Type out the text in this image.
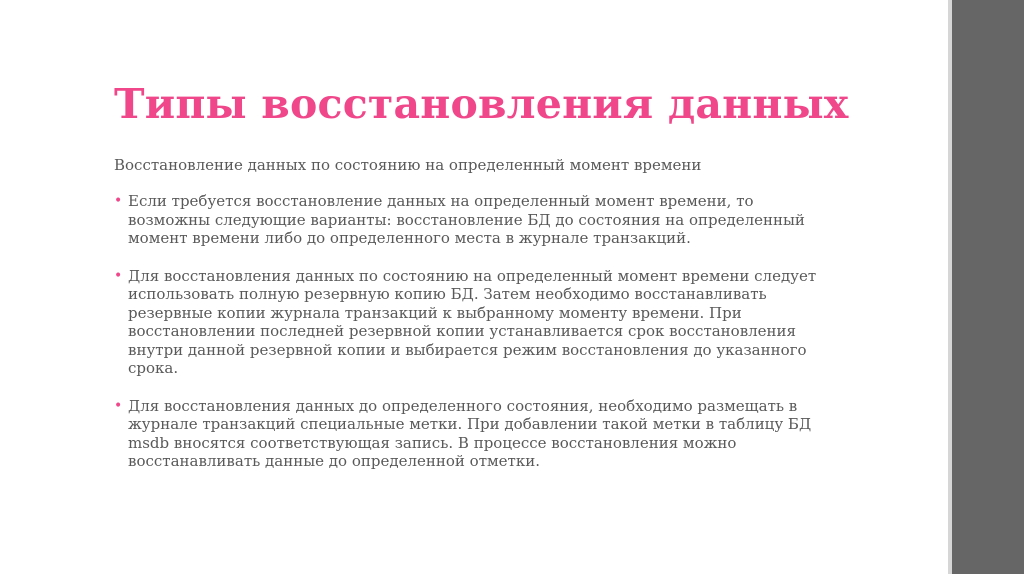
Типы восстановления данных
Восстановление данных по состоянию на определенный момент времени
• Если требуется восстановление данных на определенный момент времени, то возможны следующие варианты: восстановление БД до состояния на определенный момент времени либо до определенного места в журнале транзакций.
• Для восстановления данных по состоянию на определенный момент времени следует использовать полную резервную копию БД. Затем необходимо восстанавливать резервные копии журнала транзакций к выбранному моменту времени. При восстановлении последней резервной копии устанавливается срок восстановления внутри данной резервной копии и выбирается режим восстановления до указанного срока.
• Для восстановления данных до определенного состояния, необходимо размещать в журнале транзакций специальные метки. При добавлении такой метки в таблицу БД msdb вносятся соответствующая запись. В процессе восстановления можно восстанавливать данные до определенной отметки.
